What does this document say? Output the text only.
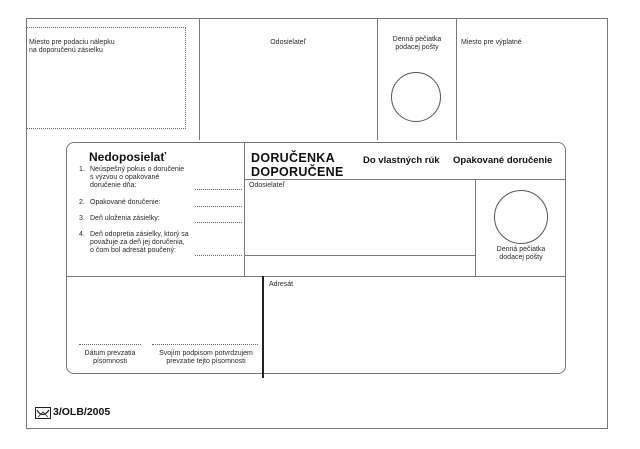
Miesto pre podaciu nálepku
na doporučenú zásielku
Odosielateľ	Denná pečiatka
podacej pošty
Miesto pre výplatné
Nedoposielať
1. Neúspešný pokus o doručenie
s výzvou o opakované
doručenie dňa:
2. Opakované doručenie:
3. Deň uloženia zásielky:
4. Deň odopretia zásielky, ktorý sa
považuje za deň jej doručenia,
o čom bol adresát poučený:
DORUČENKA
DOPORUČENE
Do vlastných rúk Opakované doručenie
Odosielateľ
Denná pečiatka
dodacej pošty
Adresát
Dátum prevzatia
písomnosti
Svojím podpisom potvrdzujem
prevzatie tejto písomnosti
3/OLB/2005
